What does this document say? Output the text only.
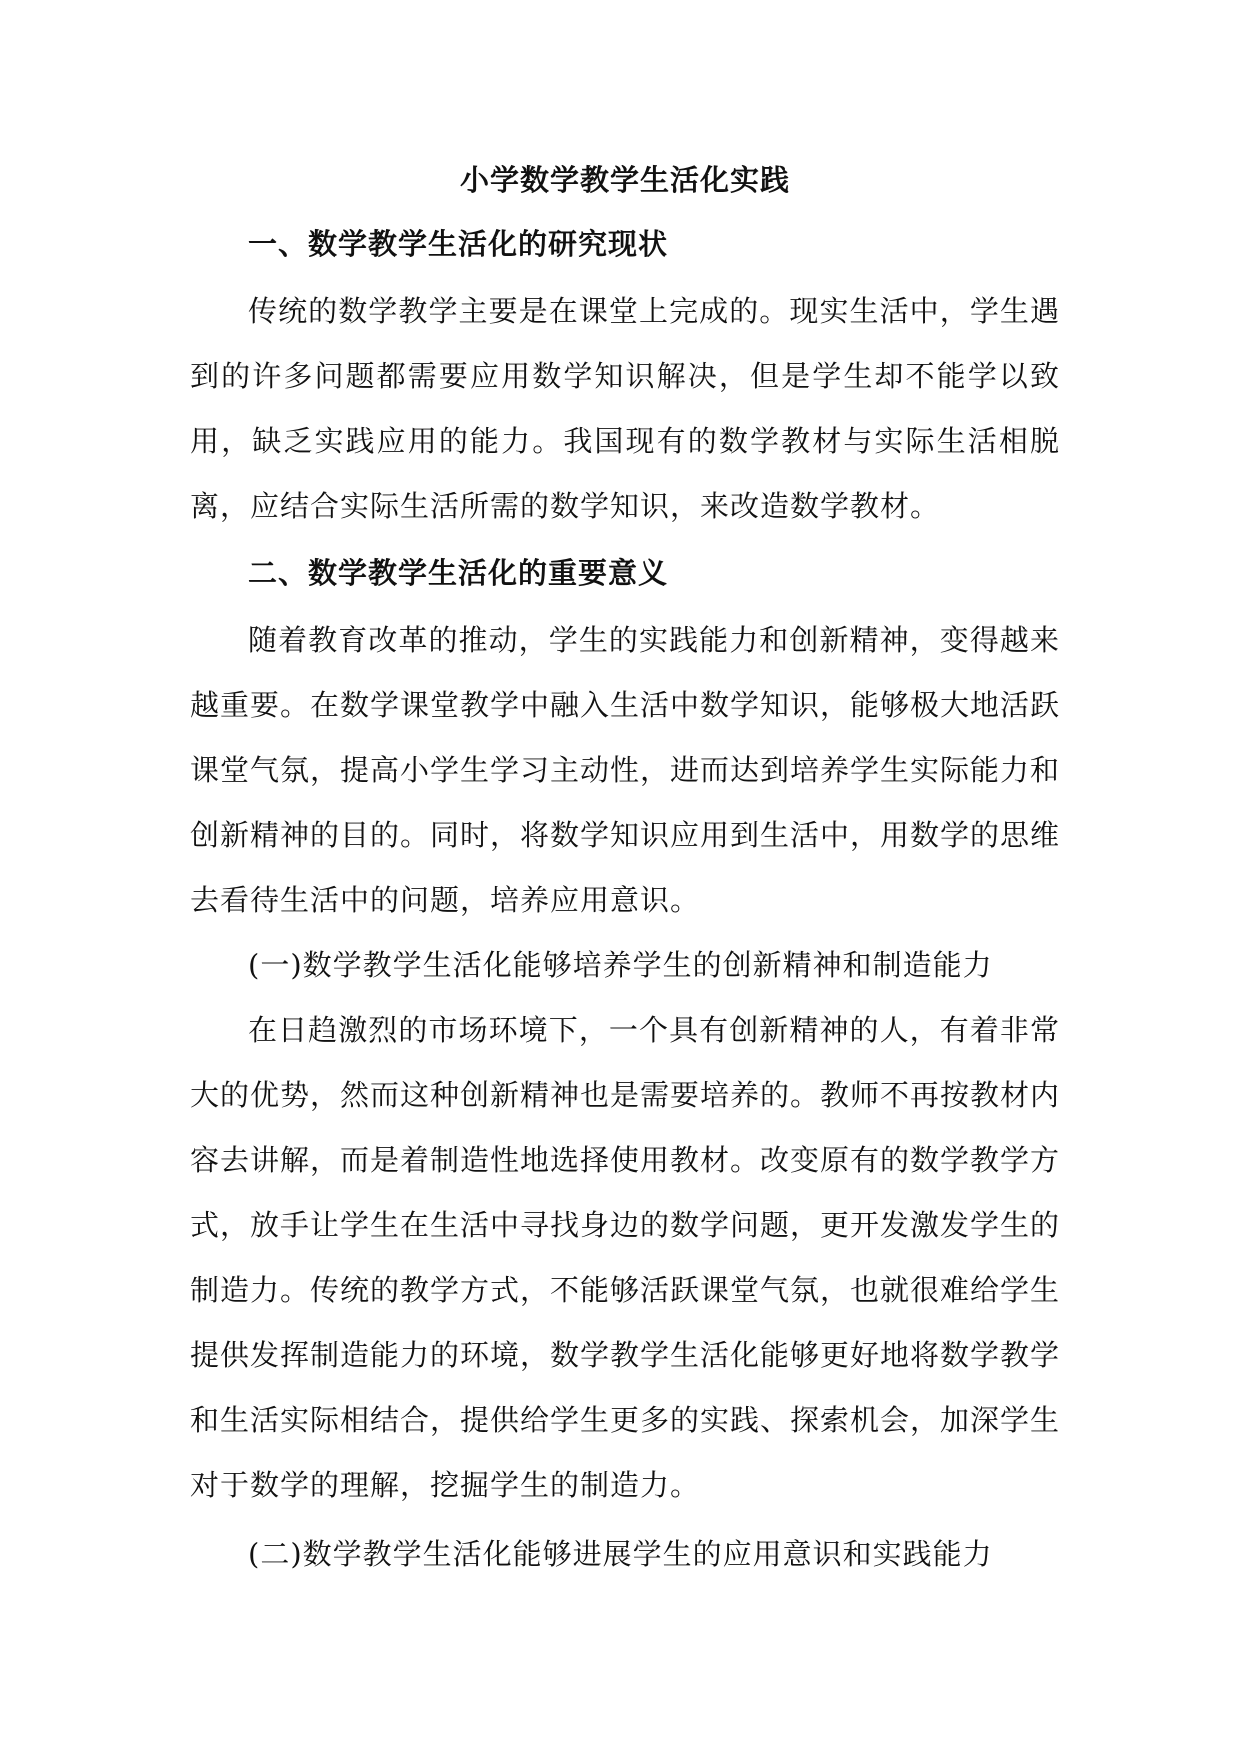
小学数学教学生活化实践
一、数学教学生活化的研究现状

传统的数学教学主要是在课堂上完成的。现实生活中，学生遇到的许多问题都需要应用数学知识解决，但是学生却不能学以致用，缺乏实践应用的能力。我国现有的数学教材与实际生活相脱离，应结合实际生活所需的数学知识，来改造数学教材。

二、数学教学生活化的重要意义

随着教育改革的推动，学生的实践能力和创新精神，变得越来越重要。在数学课堂教学中融入生活中数学知识，能够极大地活跃课堂气氛，提高小学生学习主动性，进而达到培养学生实际能力和创新精神的目的。同时，将数学知识应用到生活中，用数学的思维去看待生活中的问题，培养应用意识。

(一)数学教学生活化能够培养学生的创新精神和制造能力

在日趋激烈的市场环境下，一个具有创新精神的人，有着非常大的优势，然而这种创新精神也是需要培养的。教师不再按教材内容去讲解，而是着制造性地选择使用教材。改变原有的数学教学方式，放手让学生在生活中寻找身边的数学问题，更开发激发学生的制造力。传统的教学方式，不能够活跃课堂气氛，也就很难给学生提供发挥制造能力的环境，数学教学生活化能够更好地将数学教学和生活实际相结合，提供给学生更多的实践、探索机会，加深学生对于数学的理解，挖掘学生的制造力。

(二)数学教学生活化能够进展学生的应用意识和实践能力
